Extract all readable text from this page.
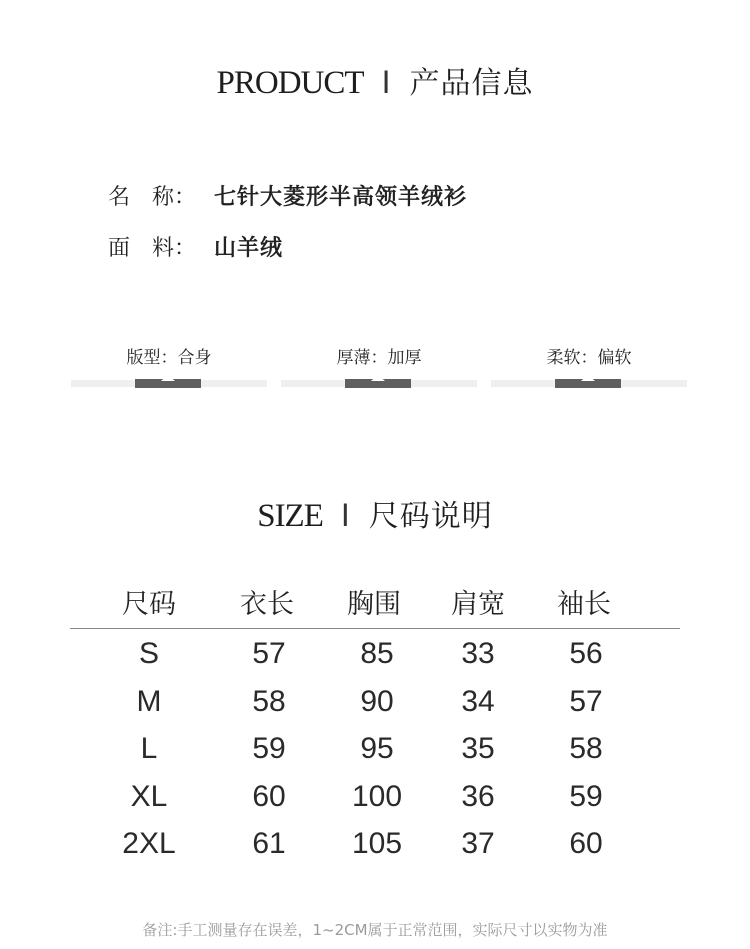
PRODUCT I 产品信息
名　称： 七针大菱形半高领羊绒衫
面　料： 山羊绒
版型：合身	厚薄：加厚	柔软：偏软
SIZE I 尺码说明
尺码	衣长	胸围	肩宽	袖长
S	57	85	33	56
M	58	90	34	57
L	59	95	35	58
XL	60	100	36	59
2XL	61	105	37	60
备注:手工测量存在误差，1~2CM属于正常范围，实际尺寸以实物为准
